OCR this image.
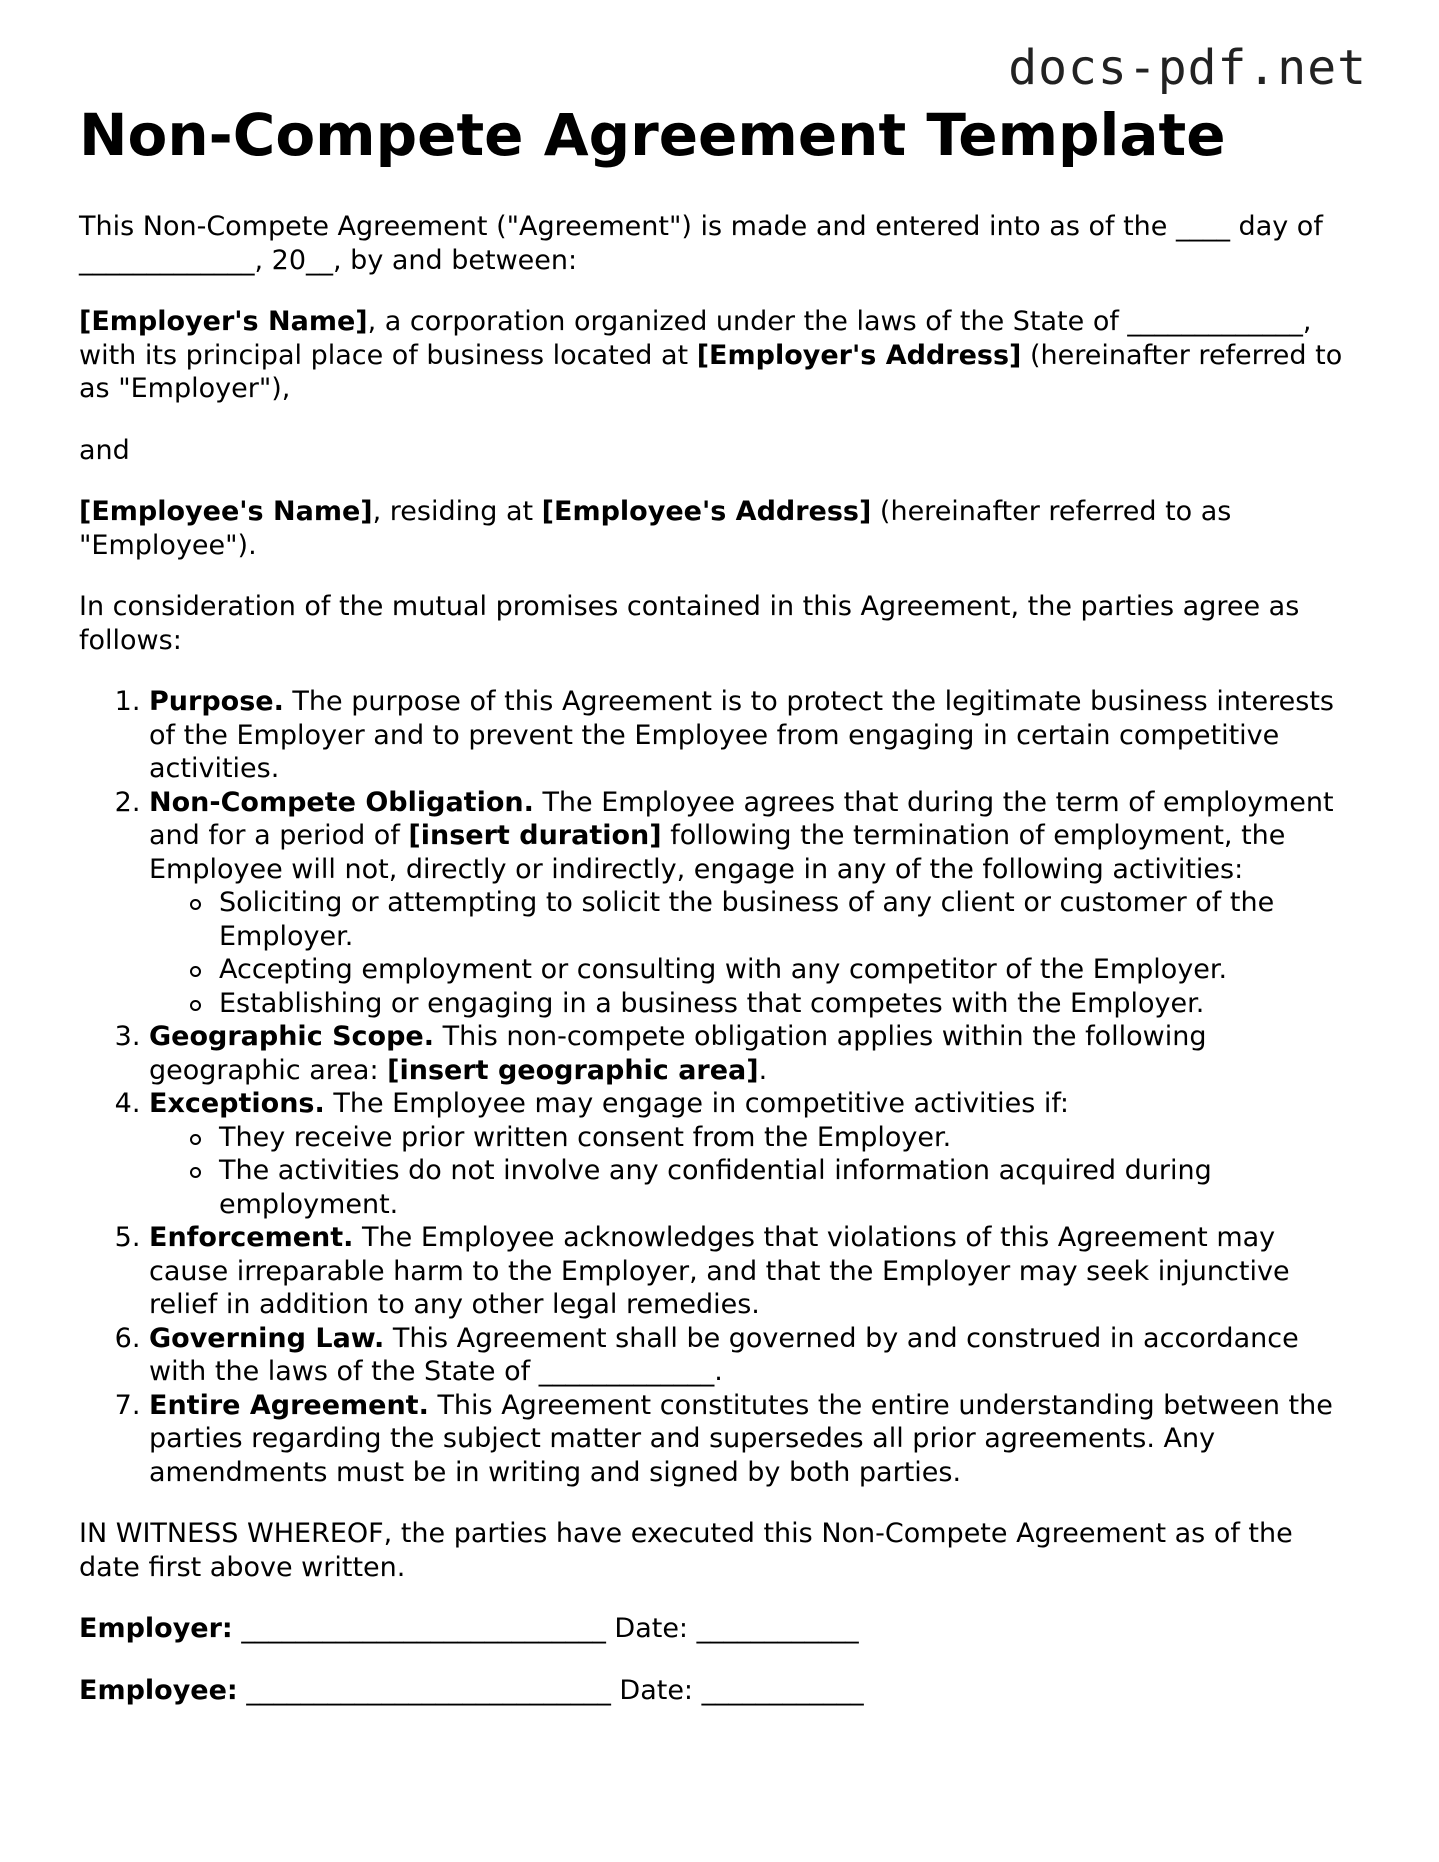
docs-pdf.net
Non-Compete Agreement Template

This Non-Compete Agreement ("Agreement") is made and entered into as of the ____ day of _____________, 20__, by and between:

[Employer's Name], a corporation organized under the laws of the State of _____________, with its principal place of business located at [Employer's Address] (hereinafter referred to as "Employer"),

and

[Employee's Name], residing at [Employee's Address] (hereinafter referred to as "Employee").

In consideration of the mutual promises contained in this Agreement, the parties agree as follows:

1. Purpose. The purpose of this Agreement is to protect the legitimate business interests of the Employer and to prevent the Employee from engaging in certain competitive activities.
2. Non-Compete Obligation. The Employee agrees that during the term of employment and for a period of [insert duration] following the termination of employment, the Employee will not, directly or indirectly, engage in any of the following activities:
Soliciting or attempting to solicit the business of any client or customer of the Employer.
Accepting employment or consulting with any competitor of the Employer.
Establishing or engaging in a business that competes with the Employer.
3. Geographic Scope. This non-compete obligation applies within the following geographic area: [insert geographic area].
4. Exceptions. The Employee may engage in competitive activities if:
They receive prior written consent from the Employer.
The activities do not involve any confidential information acquired during employment.
5. Enforcement. The Employee acknowledges that violations of this Agreement may cause irreparable harm to the Employer, and that the Employer may seek injunctive relief in addition to any other legal remedies.
6. Governing Law. This Agreement shall be governed by and construed in accordance with the laws of the State of _____________.
7. Entire Agreement. This Agreement constitutes the entire understanding between the parties regarding the subject matter and supersedes all prior agreements. Any amendments must be in writing and signed by both parties.

IN WITNESS WHEREOF, the parties have executed this Non-Compete Agreement as of the date first above written.

Employer: ___________________________ Date: ____________

Employee: ___________________________ Date: ____________
